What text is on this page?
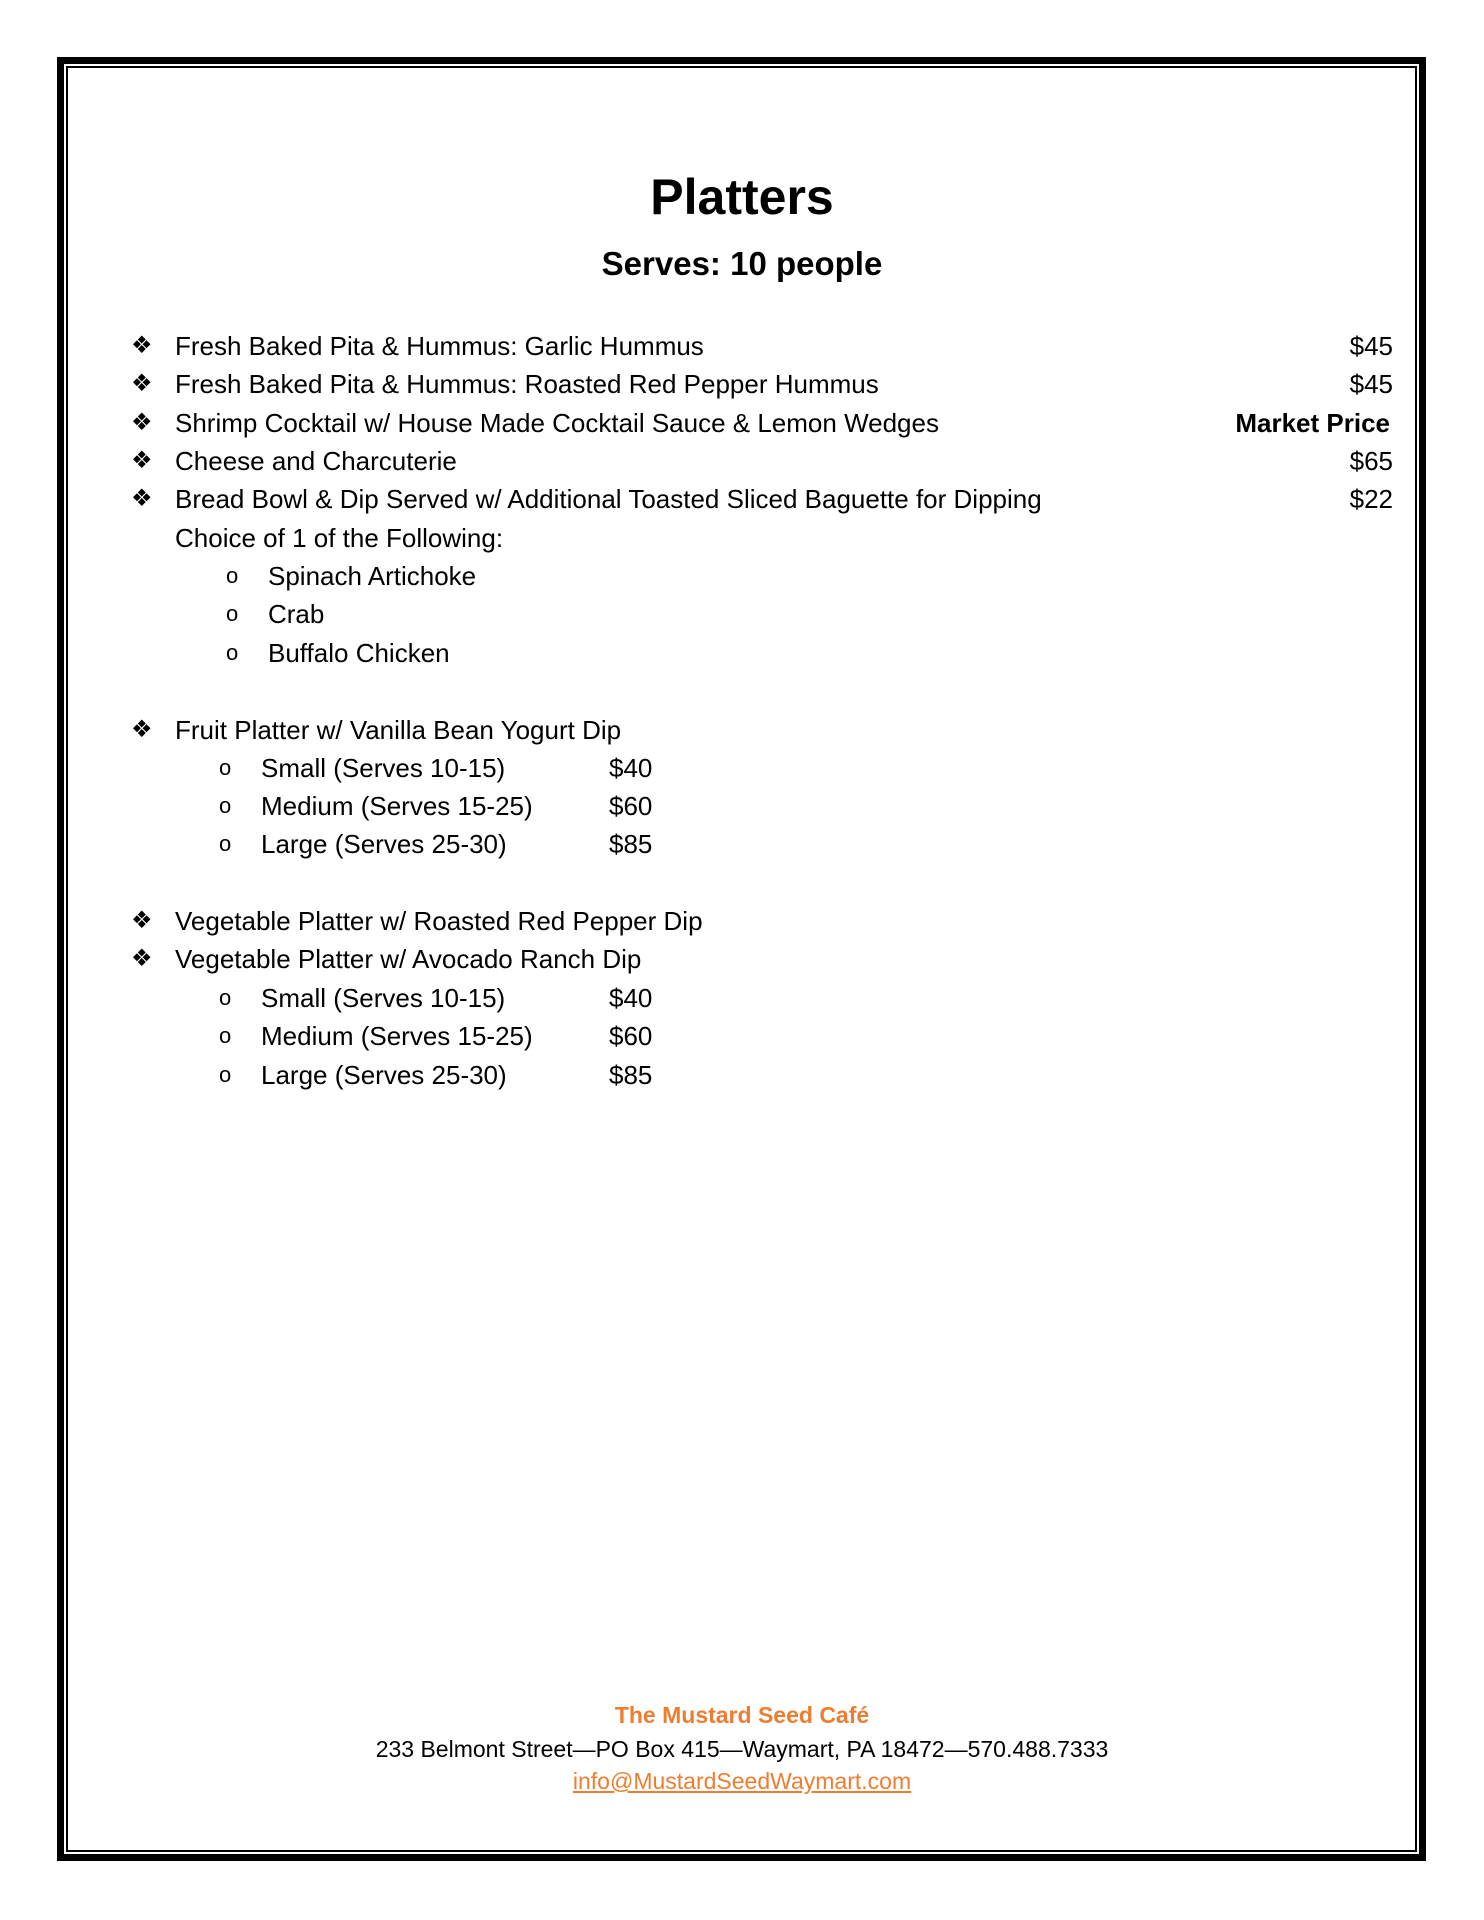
Platters
Serves: 10 people
❖ Fresh Baked Pita & Hummus: Garlic Hummus	$45
❖ Fresh Baked Pita & Hummus: Roasted Red Pepper Hummus	$45
❖ Shrimp Cocktail w/ House Made Cocktail Sauce & Lemon Wedges	Market Price
❖ Cheese and Charcuterie	$65
❖ Bread Bowl & Dip Served w/ Additional Toasted Sliced Baguette for Dipping	$22
Choice of 1 of the Following:
o Spinach Artichoke
o Crab
o Buffalo Chicken
❖ Fruit Platter w/ Vanilla Bean Yogurt Dip
o Small (Serves 10-15)	$40
o Medium (Serves 15-25)	$60
o Large (Serves 25-30)	$85
❖ Vegetable Platter w/ Roasted Red Pepper Dip
❖ Vegetable Platter w/ Avocado Ranch Dip
o Small (Serves 10-15)	$40
o Medium (Serves 15-25)	$60
o Large (Serves 25-30)	$85
The Mustard Seed Café
233 Belmont Street—PO Box 415—Waymart, PA 18472—570.488.7333
info@MustardSeedWaymart.com
